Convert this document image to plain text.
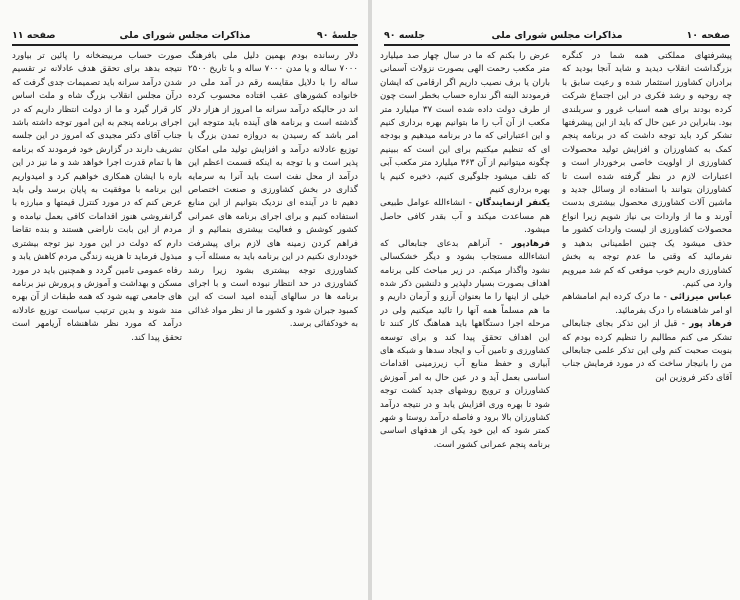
جلسهٔ ۹۰
مذاکرات مجلس شورای ملی
صفحه ۱۱

دلار رسانده بودم بهمین دلیل ملی بافرهنگ ۷۰۰۰ ساله و یا مدن ۷۰۰۰ ساله و با تاریخ ۲۵۰۰ ساله را با دلایل مقایسه رقم در آمد ملی در خانواده کشورهای عقب افتاده محسوب کرده اند در حالیکه درآمد سرانه ما امروز از هزار دلار گذشته است و برنامه های آینده باید متوجه این امر باشد که رسیدن به دروازه تمدن بزرگ با توزیع عادلانه درآمد و افزایش تولید ملی امکان پذیر است و با توجه به اینکه قسمت اعظم این درآمد از محل نفت است باید آنرا به سرمایه گذاری در بخش کشاورزی و صنعت اختصاص دهیم تا در آینده ای نزدیک بتوانیم از این منابع استفاده کنیم و برای اجرای برنامه های عمرانی کشور کوشش و فعالیت بیشتری بنمائیم و از فراهم کردن زمینه های لازم برای پیشرفت خودداری نکنیم در این برنامه باید به مسئله آب و کشاورزی توجه بیشتری بشود زیرا رشد کشاورزی در حد انتظار نبوده است و با اجرای برنامه ها در سالهای آینده امید است که این کمبود جبران شود و کشور ما از نظر مواد غذائی به خودکفائی برسد.

صورت حساب مربیضخانه را پائین تر بیاورد نتیجه بدهد برای تحقق هدف عادلانه تر تقسیم شدن درآمد سرانه باید تصمیمات جدی گرفت که درآن مجلس انقلاب بزرگ شاه و ملت اساس کار قرار گیرد و ما از دولت انتظار داریم که در اجرای برنامه پنجم به این امور توجه داشته باشد جناب آقای دکتر مجیدی که امروز در این جلسه تشریف دارند در گزارش خود فرمودند که برنامه ها با تمام قدرت اجرا خواهد شد و ما نیز در این باره با ایشان همکاری خواهیم کرد و امیدواریم این برنامه با موفقیت به پایان برسد ولی باید عرض کنم که در مورد کنترل قیمتها و مبارزه با گرانفروشی هنوز اقدامات کافی بعمل نیامده و مردم از این بابت ناراضی هستند و بنده تقاضا دارم که دولت در این مورد نیز توجه بیشتری مبذول فرماید تا هزینه زندگی مردم کاهش یابد و رفاه عمومی تامین گردد و همچنین باید در مورد مسکن و بهداشت و آموزش و پرورش نیز برنامه های جامعی تهیه شود که همه طبقات از آن بهره مند شوند و بدین ترتیب سیاست توزیع عادلانه درآمد که مورد نظر شاهنشاه آریامهر است تحقق پیدا کند.

صفحه ۱۰
مذاکرات مجلس شورای ملی
جلسه ۹۰

پیشرفتهای مملکتی همه شما در کنگره بزرگداشت انقلاب دیدید و شاید آنجا بودید که برادران کشاورز استثمار شده و رعیت سابق با چه روحیه و رشد فکری در این اجتماع شرکت کرده بودند برای همه اسباب غرور و سربلندی بود. بنابراین در عین حال که باید از این پیشرفتها تشکر کرد باید توجه داشت که در برنامه پنجم کمک به کشاورزان و افزایش تولید محصولات کشاورزی از اولویت خاصی برخوردار است و اعتبارات لازم در نظر گرفته شده است تا کشاورزان بتوانند با استفاده از وسائل جدید و ماشین آلات کشاورزی محصول بیشتری بدست آورند و ما از واردات بی نیاز شویم زیرا انواع محصولات کشاورزی از لیست واردات کشور ما حذف میشود یک چنین اطمینانی بدهید و نفرمائید که وقتی ما عدم توجه به بخش کشاورزی داریم خوب موقعی که کم شد میرویم وارد می کنیم.

عباس میرزائی - ما درک کرده ایم امامشاهم او امر شاهنشاه را درک بفرمائید.

فرهاد پور - قبل از این تذکر بجای جنابعالی تشکر می کنم مطالبم را تنظیم کرده بودم که بنوبت صحبت کنم ولی این تذکر علمی جنابعالی من را بانیجار ساخت که در مورد فرمایش جناب آقای دکتر فروزین این

عرض را بکنم که ما در سال چهار صد میلیارد متر مکعب رحمت الهی بصورت نزولات آسمانی باران یا برف نصیب داریم اگر ارقامی که ایشان فرمودند البته اگر نداره حساب بخطر است چون از طرف دولت داده شده است ۳۷ میلیارد متر مکعب از آن آب را ما بتوانیم بهره برداری کنیم و این اعتباراتی که ما در برنامه میدهیم و بودجه ای که تنظیم میکنیم برای این است که ببینیم چگونه میتوانیم از آن ۳۶۳ میلیارد متر مکعب آبی که تلف میشود جلوگیری کنیم، ذخیره کنیم یا بهره برداری کنیم

یکنفر ازنمایندگان - انشاءالله عوامل طبیعی هم مساعدت میکند و آب بقدر کافی حاصل میشود.

فرهادپور - آنراهم بدعای جنابعالی که انشاءالله مستجاب بشود و دیگر خشکسالی نشود واگذار میکنم. در زیر مباحث کلی برنامه اهداف بصورت بسیار دلپذیر و دلنشین ذکر شده خیلی از اینها را ما بعنوان آرزو و آرمان داریم و ما هم مسلماً همه آنها را تائید میکنیم ولی در مرحله اجرا دستگاهها باید هماهنگ کار کنند تا این اهداف تحقق پیدا کند و برای توسعه کشاورزی و تامین آب و ایجاد سدها و شبکه های آبیاری و حفظ منابع آب زیرزمینی اقدامات اساسی بعمل آید و در عین حال به امر آموزش کشاورزان و ترویج روشهای جدید کشت توجه شود تا بهره وری افزایش یابد و در نتیجه درآمد کشاورزان بالا برود و فاصله درآمد روستا و شهر کمتر شود که این خود یکی از هدفهای اساسی برنامه پنجم عمرانی کشور است.
